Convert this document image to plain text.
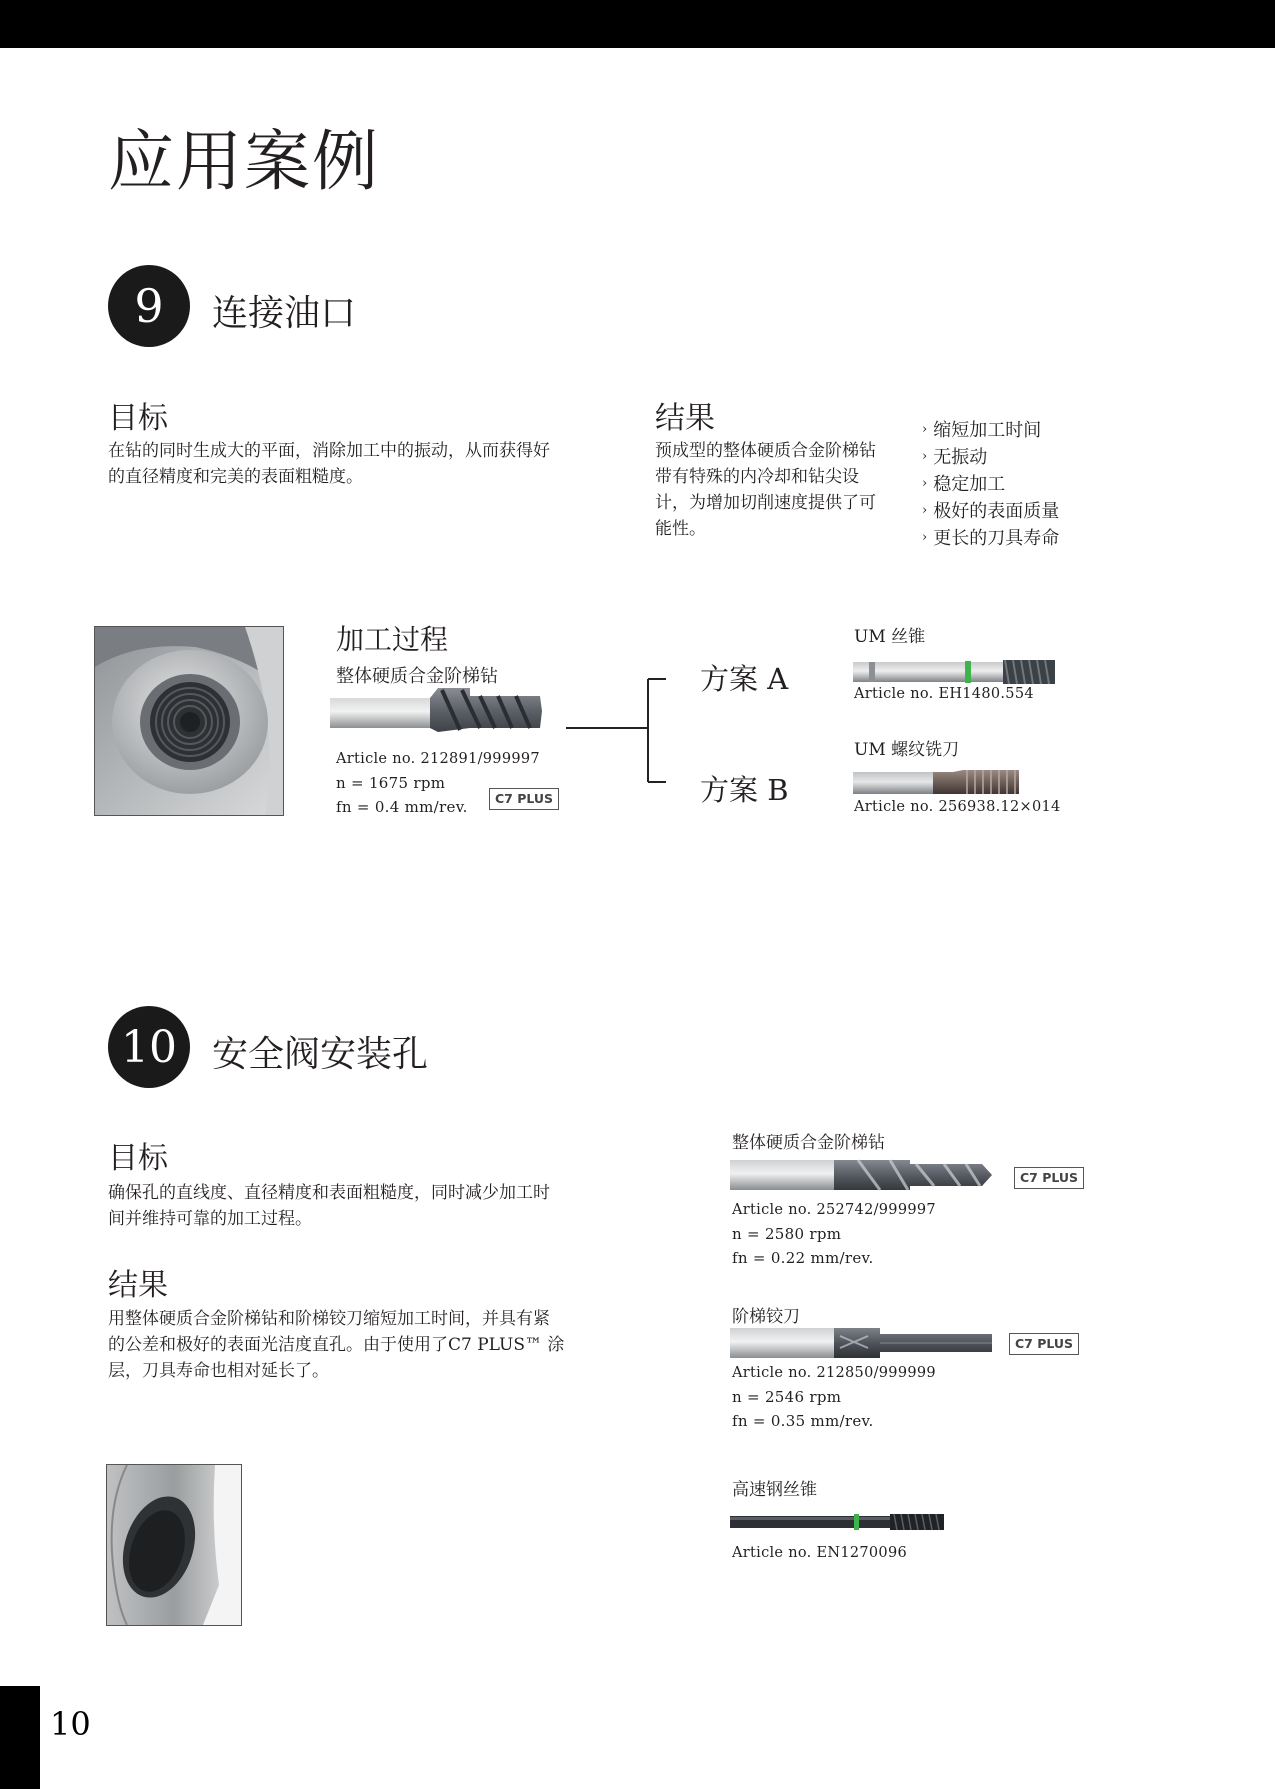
10
应用案例
9 连接油口
目标
在钻的同时生成大的平面，消除加工中的振动，从而获得好
的直径精度和完美的表面粗糙度。
结果
预成型的整体硬质合金阶梯钻
带有特殊的内冷却和钻尖设
计，为增加切削速度提供了可
能性。
› 缩短加工时间
› 无振动
› 稳定加工
› 极好的表面质量
› 更长的刀具寿命
加工过程
整体硬质合金阶梯钻
Article no. 212891/999997
n = 1675 rpm
fn = 0.4 mm/rev.	C7 PLUS
方案 A
方案 B
UM 丝锥
Article no. EH1480.554
UM 螺纹铣刀
Article no. 256938.12×014
10 安全阀安装孔
目标
确保孔的直线度、直径精度和表面粗糙度，同时减少加工时
间并维持可靠的加工过程。
结果
用整体硬质合金阶梯钻和阶梯铰刀缩短加工时间，并具有紧
的公差和极好的表面光洁度直孔。由于使用了C7 PLUS™ 涂
层，刀具寿命也相对延长了。
整体硬质合金阶梯钻
C7 PLUS
Article no. 252742/999997
n = 2580 rpm
fn = 0.22 mm/rev.
阶梯铰刀
C7 PLUS
Article no. 212850/999999
n = 2546 rpm
fn = 0.35 mm/rev.
高速钢丝锥
Article no. EN1270096
